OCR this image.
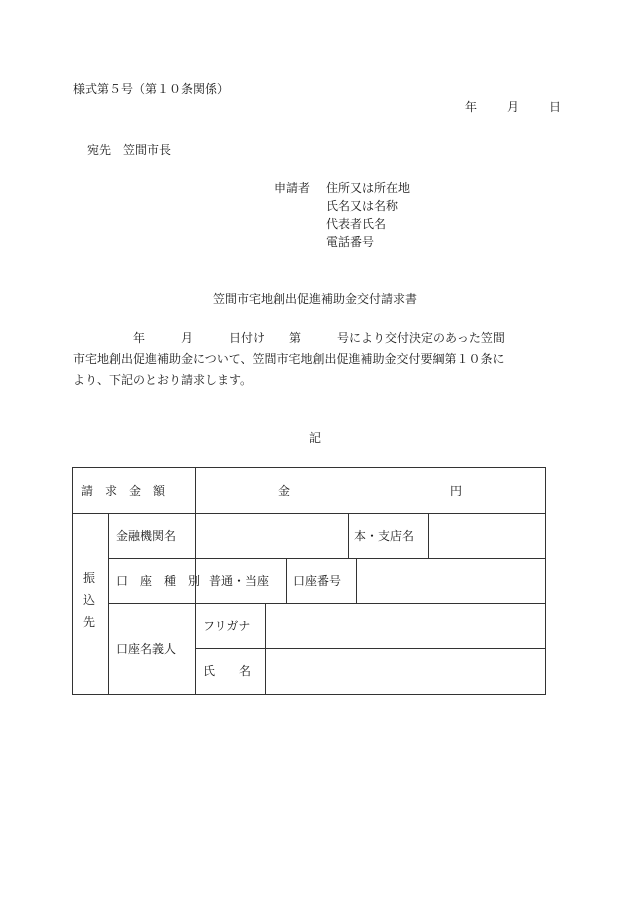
様式第５号（第１０条関係）
年	月	日
宛先 笠間市長
申請者 住所又は所在地
氏名又は名称
代表者氏名
電話番号
笠間市宅地創出促進補助金交付請求書
　　　　　年　　　月　　　日付け　　第　　　号により交付決定のあった笠間
市宅地創出促進補助金について、笠間市宅地創出促進補助金交付要綱第１０条に
より、下記のとおり請求します。
記
請　求　金　額	金	円
振
込
先
金融機関名	本・支店名
口　座　種　別 普通・当座 口座番号
口座名義人
フリガナ
氏　　名
